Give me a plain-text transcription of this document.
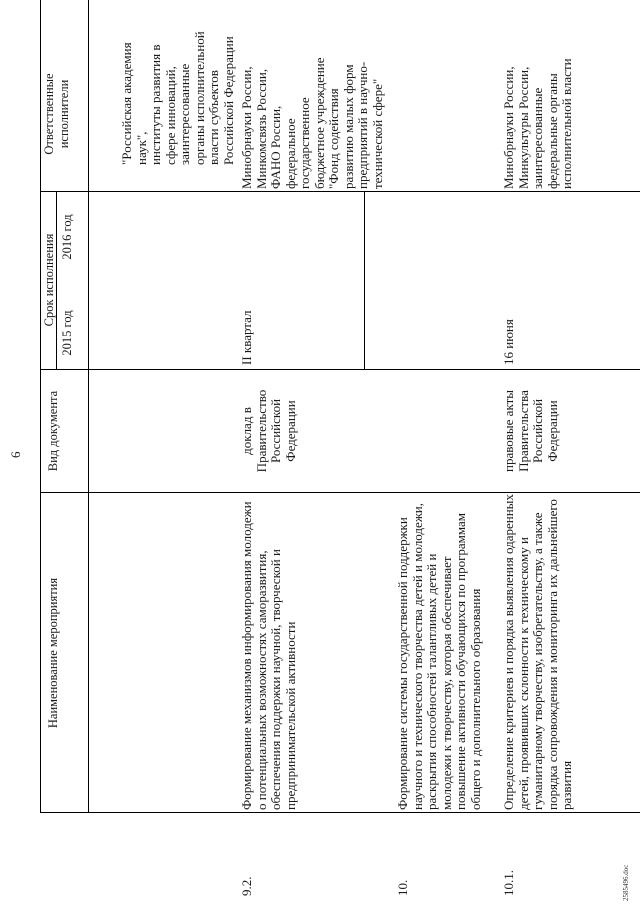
6
Наименование мероприятия
Вид документа
Срок исполнения
2015 год
2016 год
Ответственные
исполнители	"Российская академия
наук",
институты развития в
сфере инноваций,
заинтересованные
органы исполнительной
власти субъектов
Российской Федерации
9.2.
Формирование механизмов информирования молодежи
о потенциальных возможностях саморазвития,
обеспечения поддержки научной, творческой и
предпринимательской активности
доклад в
Правительство
Российской
Федерации
II квартал
Минобрнауки России,
Минкомсвязь России,
ФАНО России,
федеральное
государственное
бюджетное учреждение
"Фонд содействия
развитию малых форм
предприятий в научно-
технической сфере"
10.
Формирование системы государственной поддержки
научного и технического творчества детей и молодежи,
раскрытия способностей талантливых детей и
молодежи к творчеству, которая обеспечивает
повышение активности обучающихся по программам
общего и дополнительного образования
10.1.
Определение критериев и порядка выявления одаренных
детей, проявивших склонности к техническому и
гуманитарному творчеству, изобретательству, а также
порядка сопровождения и мониторинга их дальнейшего
развития
правовые акты
Правительства
Российской
Федерации
16 июня
Минобрнауки России,
Минкультуры России,
заинтересованные
федеральные органы
исполнительной власти
2585496.doc
